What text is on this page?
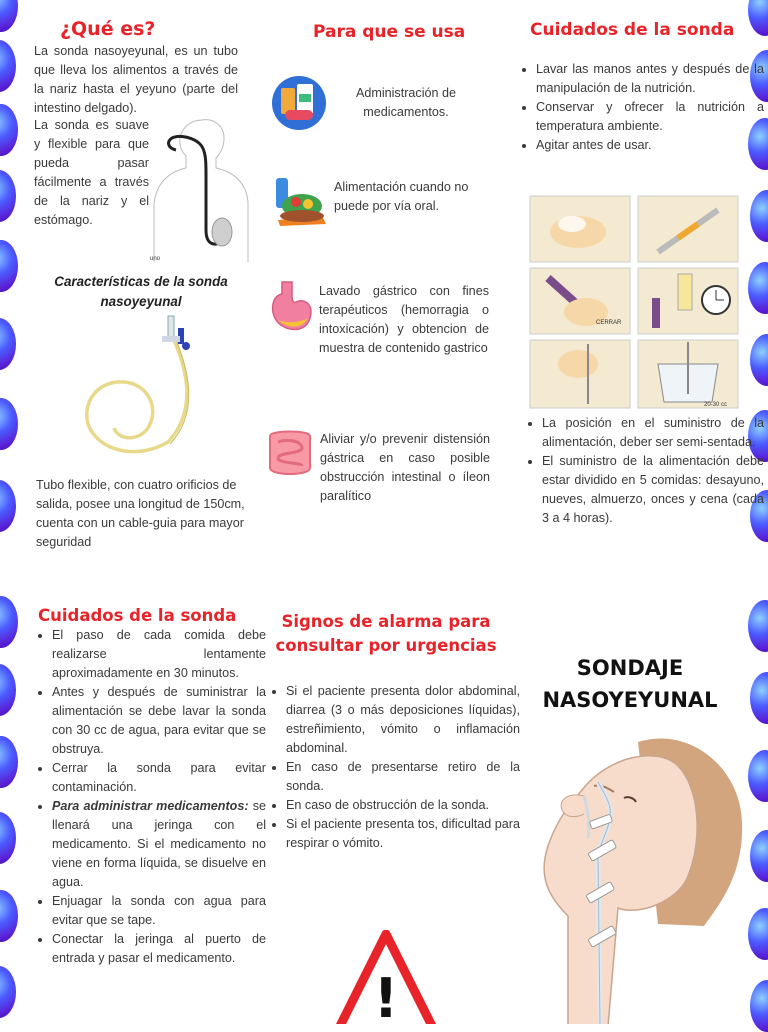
¿Qué es?
La sonda nasoyeyunal, es un tubo que lleva los alimentos a través de la nariz hasta el yeyuno (parte del intestino delgado).
La sonda es suave y flexible para que pueda pasar fácilmente a través de la nariz y el estómago.
uno
Características de la sonda nasoyeyunal
Tubo flexible, con cuatro orificios de salida, posee una longitud de 150cm, cuenta con un cable-guia para mayor seguridad
Para que se usa
Administración de medicamentos.
Alimentación cuando no puede por vía oral.
Lavado gástrico con fines terapéuticos (hemorragia o intoxicación) y obtencion de muestra de contenido gastrico
Aliviar y/o prevenir distensión gástrica en caso posible obstrucción intestinal o íleon paralítico
Cuidados de la sonda
• Lavar las manos antes y después de la manipulación de la nutrición.
• Conservar y ofrecer la nutrición a temperatura ambiente.
• Agitar antes de usar.
CERRAR
20-30 cc
• La posición en el suministro de la alimentación, deber ser semi-sentada.
• El suministro de la alimentación debe estar dividido en 5 comidas: desayuno, nueves, almuerzo, onces y cena (cada 3 a 4 horas).
Cuidados de la sonda
• El paso de cada comida debe realizarse lentamente aproximadamente en 30 minutos.
• Antes y después de suministrar la alimentación se debe lavar la sonda con 30 cc de agua, para evitar que se obstruya.
• Cerrar la sonda para evitar contaminación.
• Para administrar medicamentos: se llenará una jeringa con el medicamento. Si el medicamento no viene en forma líquida, se disuelve en agua.
• Enjuagar la sonda con agua para evitar que se tape.
• Conectar la jeringa al puerto de entrada y pasar el medicamento.
Signos de alarma para consultar por urgencias
• Si el paciente presenta dolor abdominal, diarrea (3 o más deposiciones líquidas), estreñimiento, vómito o inflamación abdominal.
• En caso de presentarse retiro de la sonda.
• En caso de obstrucción de la sonda.
• Si el paciente presenta tos, dificultad para respirar o vómito.
!
SONDAJE NASOYEYUNAL
